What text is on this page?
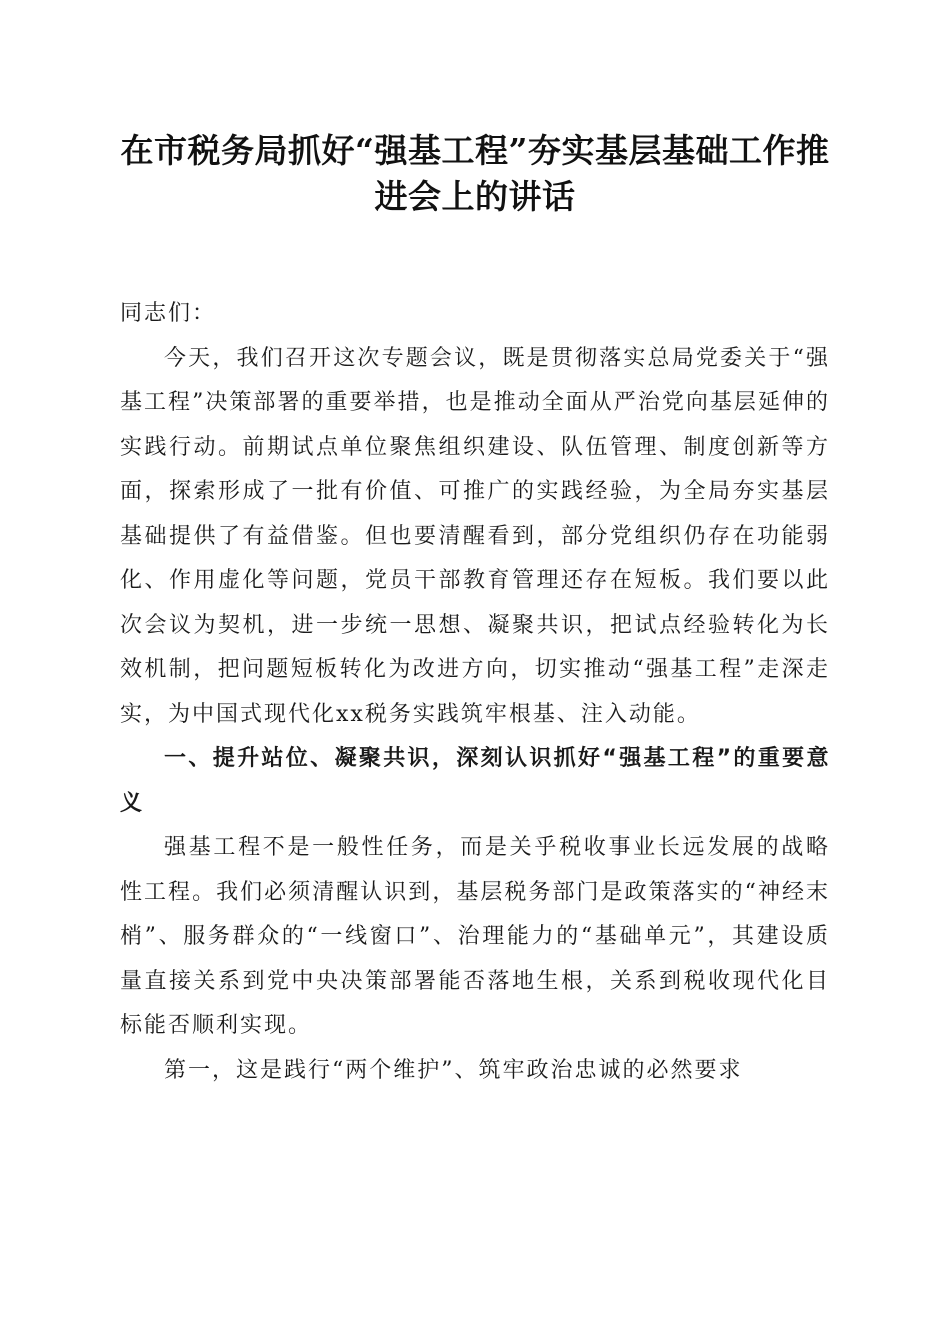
在市税务局抓好“强基工程”夯实基层基础工作推进会上的讲话

同志们：

今天，我们召开这次专题会议，既是贯彻落实总局党委关于“强基工程”决策部署的重要举措，也是推动全面从严治党向基层延伸的实践行动。前期试点单位聚焦组织建设、队伍管理、制度创新等方面，探索形成了一批有价值、可推广的实践经验，为全局夯实基层基础提供了有益借鉴。但也要清醒看到，部分党组织仍存在功能弱化、作用虚化等问题，党员干部教育管理还存在短板。我们要以此次会议为契机，进一步统一思想、凝聚共识，把试点经验转化为长效机制，把问题短板转化为改进方向，切实推动“强基工程”走深走实，为中国式现代化xx税务实践筑牢根基、注入动能。

一、提升站位、凝聚共识，深刻认识抓好“强基工程”的重要意义

强基工程不是一般性任务，而是关乎税收事业长远发展的战略性工程。我们必须清醒认识到，基层税务部门是政策落实的“神经末梢”、服务群众的“一线窗口”、治理能力的“基础单元”，其建设质量直接关系到党中央决策部署能否落地生根，关系到税收现代化目标能否顺利实现。

第一，这是践行“两个维护”、筑牢政治忠诚的必然要求
